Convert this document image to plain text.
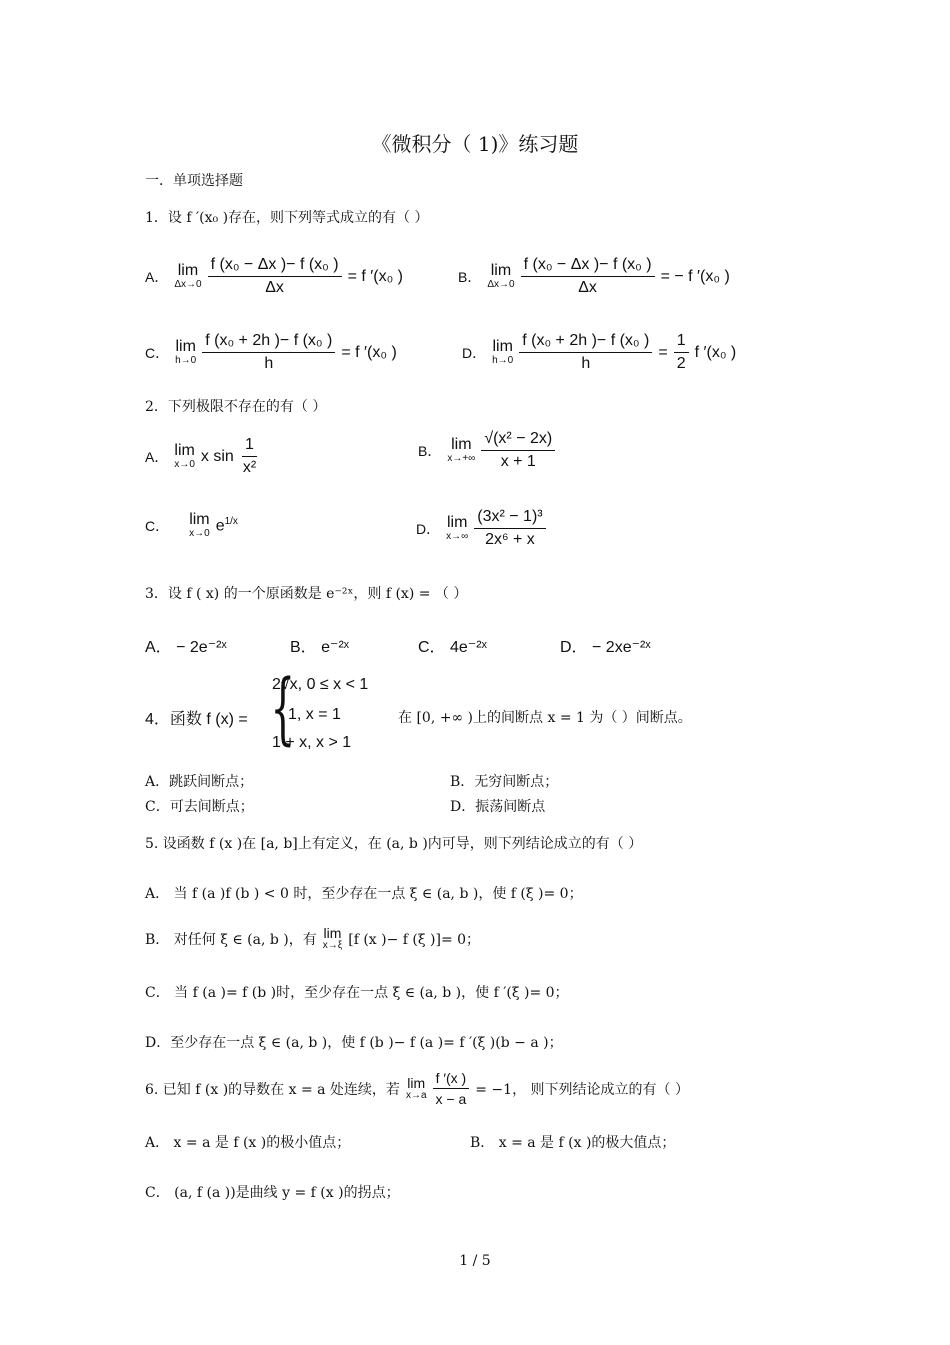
《微积分（ 1)》练习题
一．单项选择题
1．设 f ′(x₀ )存在，则下列等式成立的有（ ）
A． lim
$\Delta x\to 0 \frac{\text{f (x₀ − Δx )− f (x₀ )}}{\Delta x} = f$ ′(x₀ )	B． lim
$\Delta x\to 0 \frac{\text{f (x₀ − Δx )− f (x₀ )}}{\Delta x}$ = − f ′(x₀ )
C． lim
$h\to 0 \frac{\text{f (x₀ + 2h )− f (x₀ )}}{h} = f$ ′(x₀ )	D． lim
$h\to 0 \frac{\text{f (x₀ + 2h )− f (x₀ )}}{h} = \frac{1}{2}$ f ′(x₀ )
2．下列极限不存在的有（ ）
A． lim
x→0 x $\sin \frac{1}{\text{x²}}$	B． lim
$x\to+\infty \frac{\text{√(x² − 2x)}}{x + 1}$
C． lim
x→0 $e^{1/x}$	D． lim
$x\to\infty \frac{\text{(3x² − 1)³}}{\text{2x⁶ + x}}$
3．设 f ( x) 的一个原函数是 e⁻²ˣ，则 f (x) = （ ）
A． − 2e⁻²ˣ	B． e⁻²ˣ	C． 4e⁻²ˣ	D． − 2xe⁻²ˣ
4．函数 f (x) = {
2√x, 0 ≤ x < 1
1, x = 1
1 + x, x > 1
在 [0, +∞ )上的间断点 x = 1 为（ ）间断点。
A．跳跃间断点；	B．无穷间断点；
C．可去间断点；	D．振荡间断点
5. 设函数 f (x )在 [a, b]上有定义，在 (a, b )内可导，则下列结论成立的有（ ）
A． 当 f (a )f (b ) < 0 时，至少存在一点 ξ ∈ (a, b )，使 f (ξ )= 0；
B． 对任何 ξ ∈ (a, b )，有 lim
x→ξ [f (x )− f (ξ )]= 0；
C． 当 f (a )= f (b )时，至少存在一点 ξ ∈ (a, b )，使 f ′(ξ )= 0；
D．至少存在一点 ξ ∈ (a, b )，使 f (b )− f (a )= f ′(ξ )(b − a )；
6. 已知 f (x )的导数在 x = a 处连续，若 lim
$x\to a \frac{f '(x )}{x - a} = -1$， 则下列结论成立的有（ ）
A． x = a 是 f (x )的极小值点；	B． x = a 是 f (x )的极大值点；
C． (a, f (a ))是曲线 y = f (x )的拐点；
1 / 5
